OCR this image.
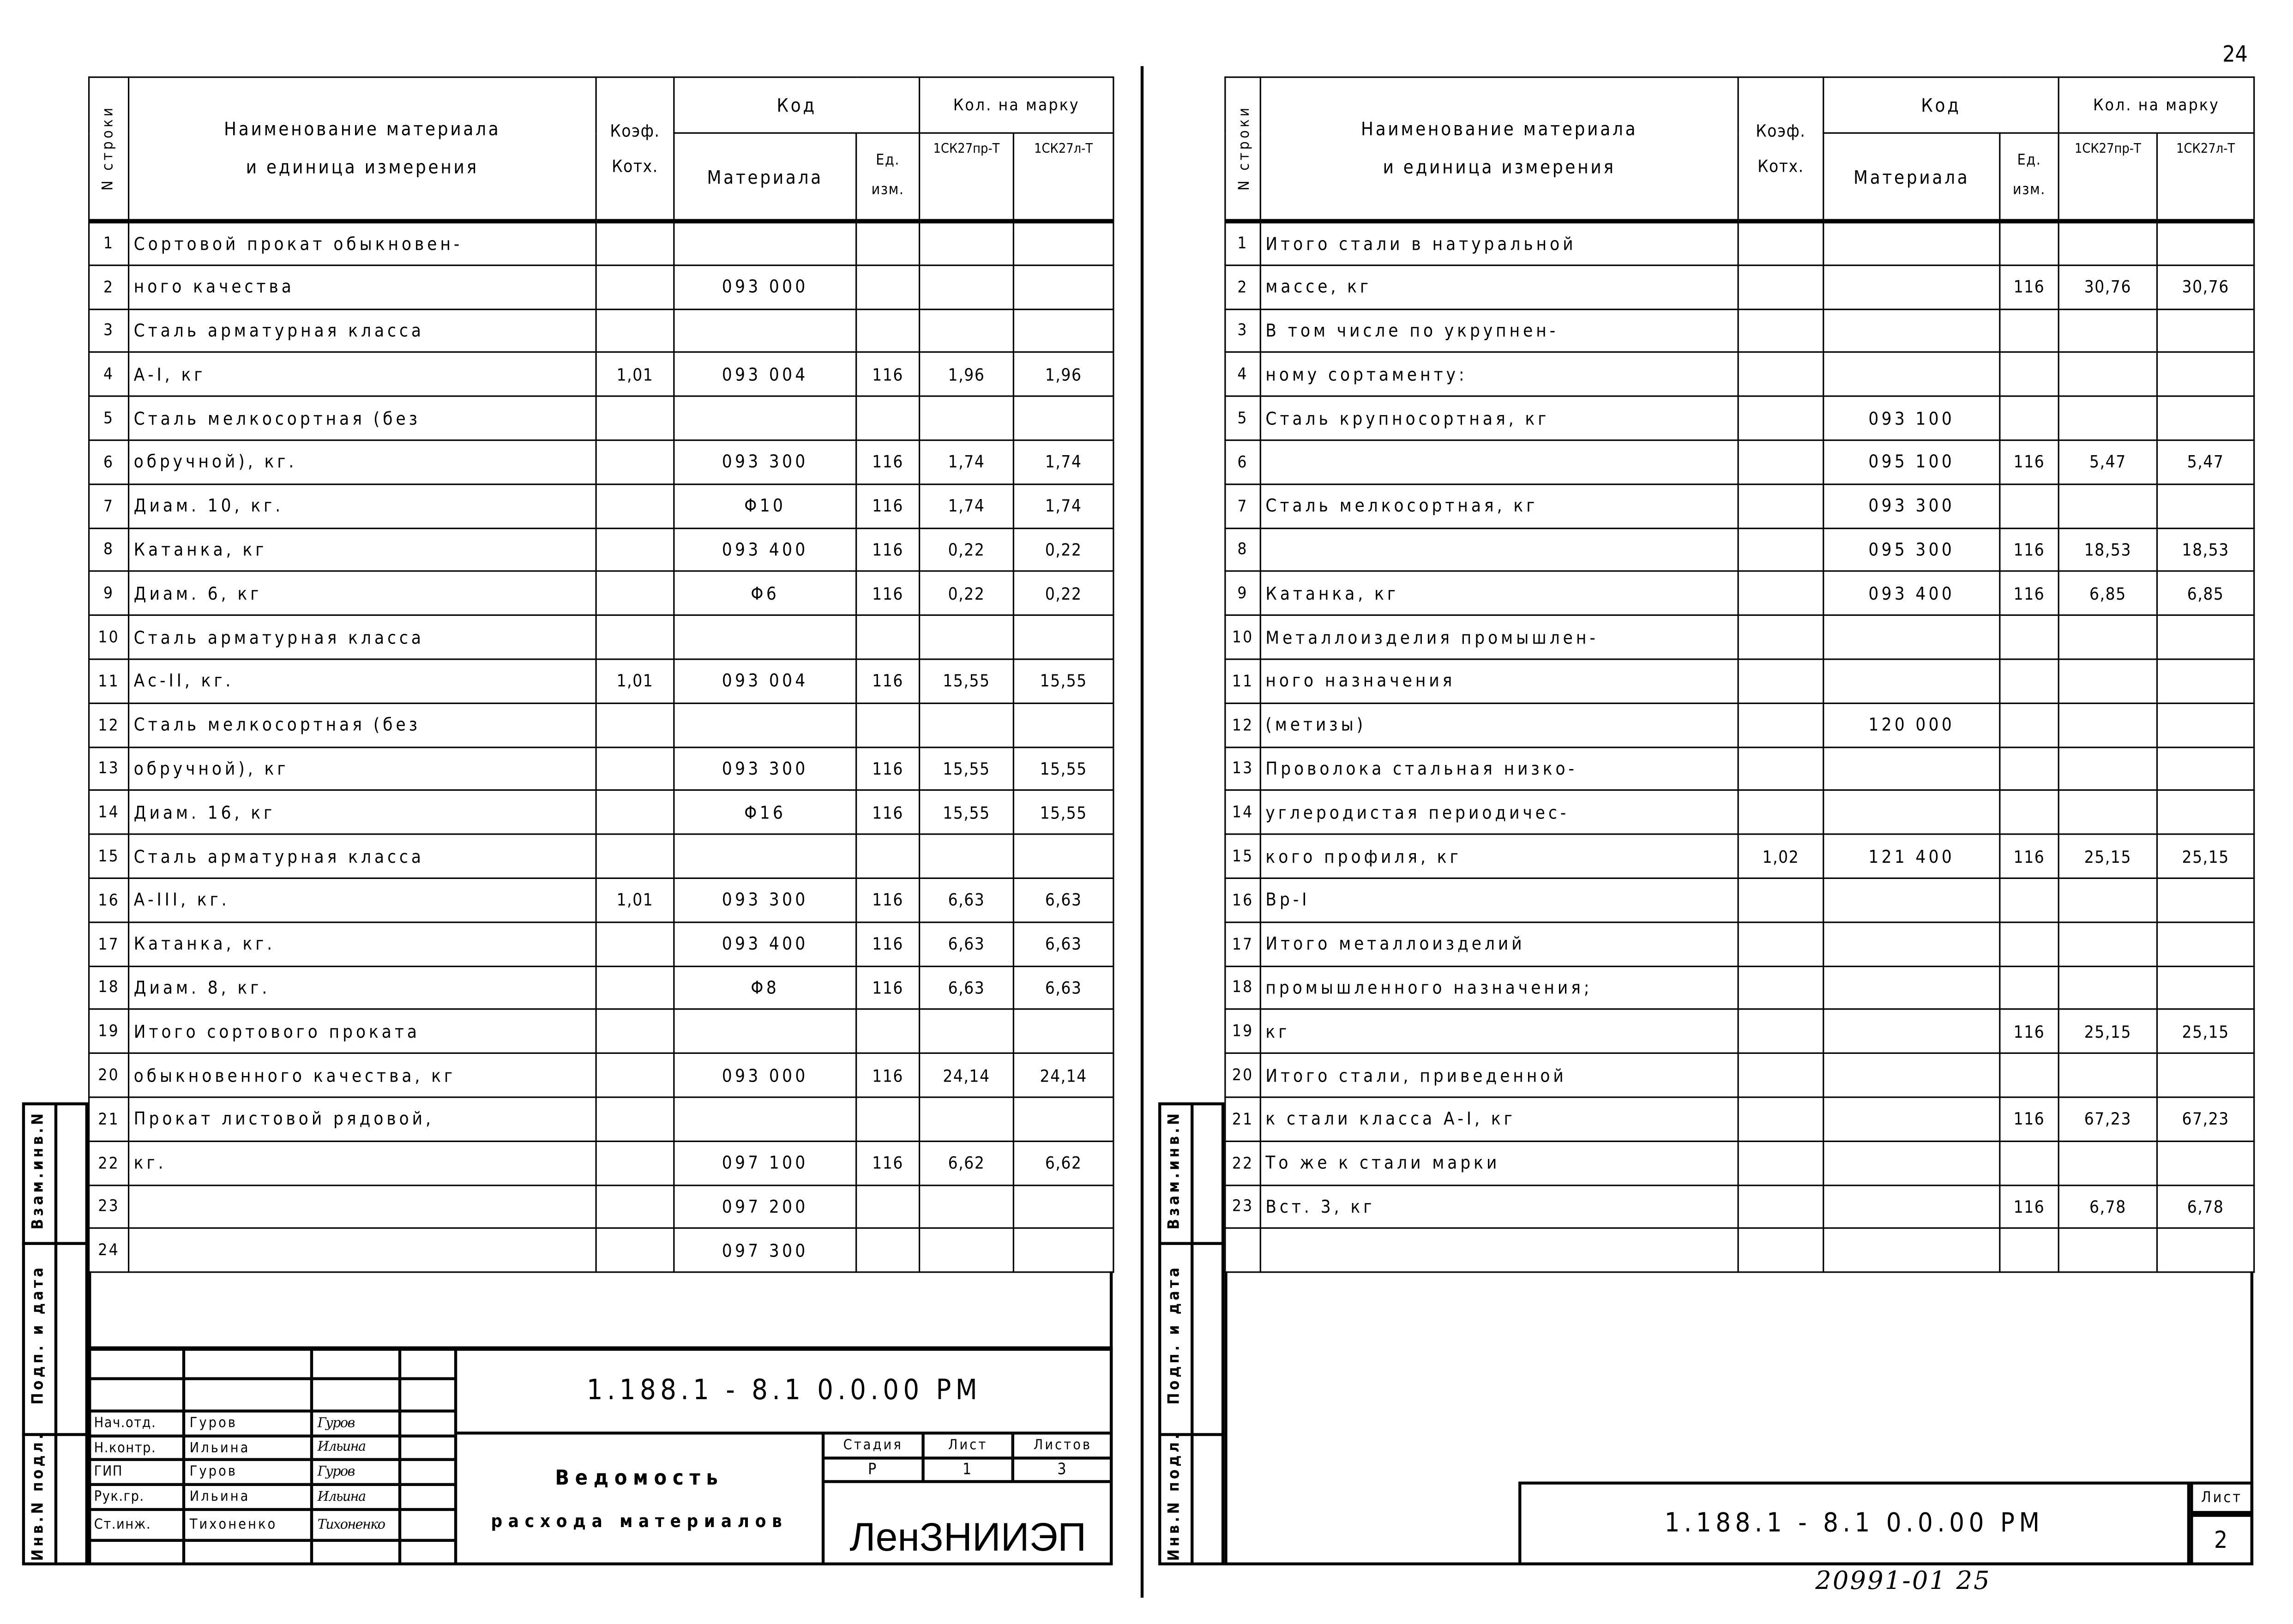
24
N строки	Наименование материала
и единица измерения	Коэф. Котх.	Код		Кол. на марку	
			Материала	Ед. изм.	1СК27пр-Т	1СК27л-Т
1	Сортовой прокат обыкновен-					
2	ного качества		093 000			
3	Сталь арматурная класса					
4	А-I, кг	1,01	093 004	116	1,96	1,96
5	Сталь мелкосортная (без					
6	обручной), кг.		093 300	116	1,74	1,74
7	Диам. 10, кг.		Φ10	116	1,74	1,74
8	Катанка, кг		093 400	116	0,22	0,22
9	Диам. 6, кг		Φ6	116	0,22	0,22
10	Сталь арматурная класса					
11	Ас-II, кг.	1,01	093 004	116	15,55	15,55
12	Сталь мелкосортная (без					
13	обручной), кг		093 300	116	15,55	15,55
14	Диам. 16, кг		Φ16	116	15,55	15,55
15	Сталь арматурная класса					
16	А-III, кг.	1,01	093 300	116	6,63	6,63
17	Катанка, кг.		093 400	116	6,63	6,63
18	Диам. 8, кг.		Φ8	116	6,63	6,63
19	Итого сортового проката					
20	обыкновенного качества, кг		093 000	116	24,14	24,14
21	Прокат листовой рядовой,					
22	кг.		097 100	116	6,62	6,62
23			097 200			
24			097 300			
N строки	Наименование материала
и единица измерения	Коэф. Котх.	Код		Кол. на марку	
			Материала	Ед. изм.	1СК27пр-Т	1СК27л-Т
1	Итого стали в натуральной					
2	массе, кг			116	30,76	30,76
3	В том числе по укрупнен-					
4	ному сортаменту:					
5	Сталь крупносортная, кг		093 100			
6			095 100	116	5,47	5,47
7	Сталь мелкосортная, кг		093 300			
8			095 300	116	18,53	18,53
9	Катанка, кг		093 400	116	6,85	6,85
10	Металлоизделия промышлен-					
11	ного назначения					
12	(метизы)		120 000			
13	Проволока стальная низко-					
14	углеродистая периодичес-					
15	кого профиля, кг	1,02	121 400	116	25,15	25,15
16	Вр-I					
17	Итого металлоизделий					
18	промышленного назначения;					
19	кг			116	25,15	25,15
20	Итого стали, приведенной					
21	к стали класса А-I, кг			116	67,23	67,23
22	То же к стали марки					
23	Вст. 3, кг			116	6,78	6,78

Нач.отд.	Гуров	Гуров
Н.контр.	Ильина	Ильина
ГИП	Гуров	Гуров
Рук.гр.	Ильина	Ильина
Ст.инж.	Тихоненко	Тихоненко
1.188.1 - 8.1 0.0.00 РМ
Ведомость
расхода материалов
Стадия	Лист	Листов
Р	1	3
ЛенЗНИИЭП
Взам.инв.N
Подп. и дата
Инв.N подл.	1.188.1 - 8.1 0.0.00 РМ
Лист
2
Взам.инв.N
Подп. и дата
Инв.N подл.
20991-01 25
